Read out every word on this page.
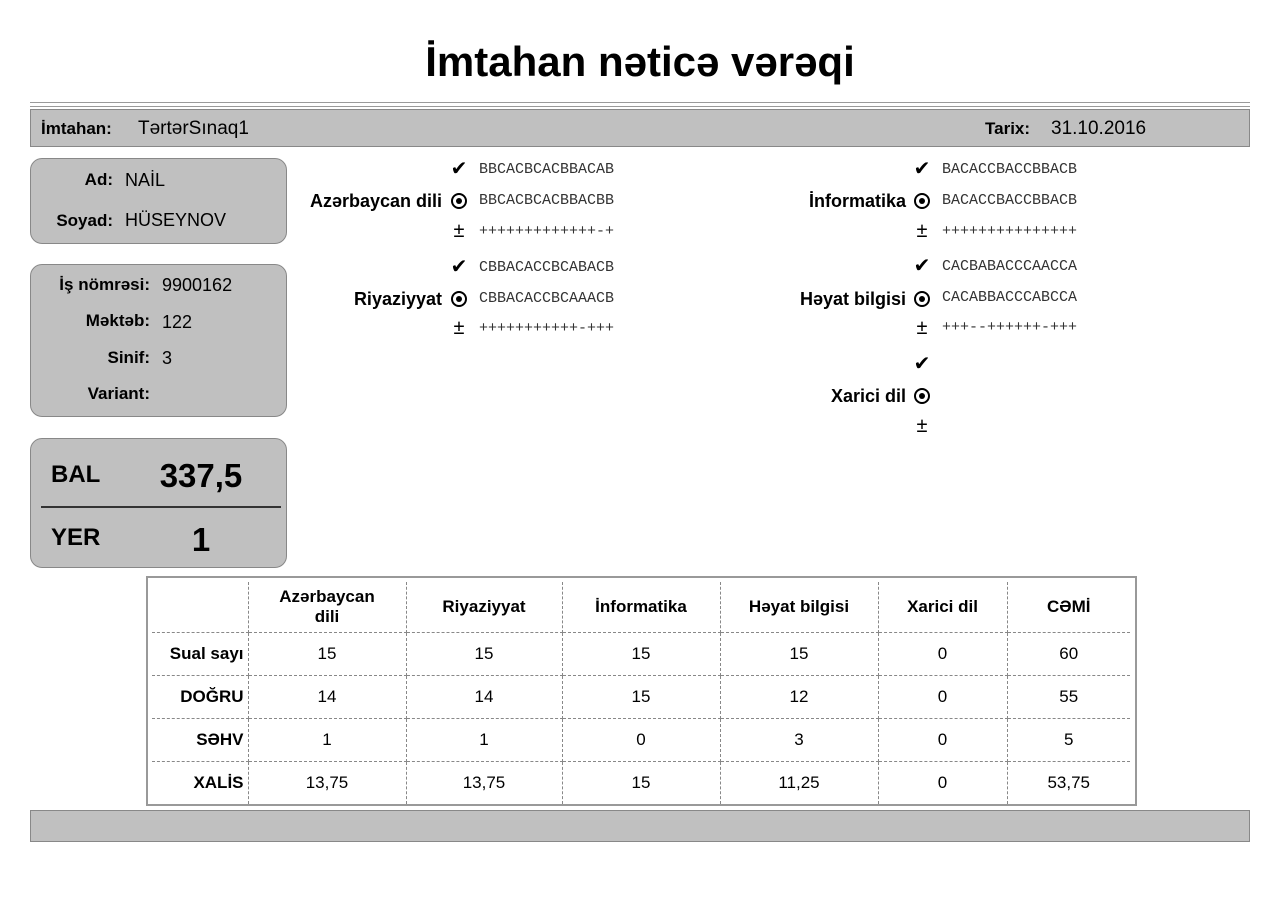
İmtahan nəticə vərəqi
İmtahan: TərtərSınaq1	Tarix: 31.10.2016
Ad: NAİL
Soyad: HÜSEYNOV
İş nömrəsi: 9900162
Məktəb: 122
Sinif: 3
Variant:
BAL	337,5
YER	1
✔ BBCACBCACBBACAB
Azərbaycan dili BBCACBCACBBACBB
± +++++++++++++-+
✔ CBBACACCBCABACB
Riyaziyyat CBBACACCBCAAACB
± +++++++++++-+++
✔ BACACCBACCBBACB
İnformatika BACACCBACCBBACB
± +++++++++++++++
✔ CACBABACCCAACCA
Həyat bilgisi CACABBACCCABCCA
± +++--++++++-+++
✔
Xarici dil
±
	Azərbaycan dili	Riyaziyyat	İnformatika	Həyat bilgisi	Xarici dil	CƏMİ
Sual sayı	15	15	15	15	0	60
DOĞRU	14	14	15	12	0	55
SƏHV	1	1	0	3	0	5
XALİS	13,75	13,75	15	11,25	0	53,75
